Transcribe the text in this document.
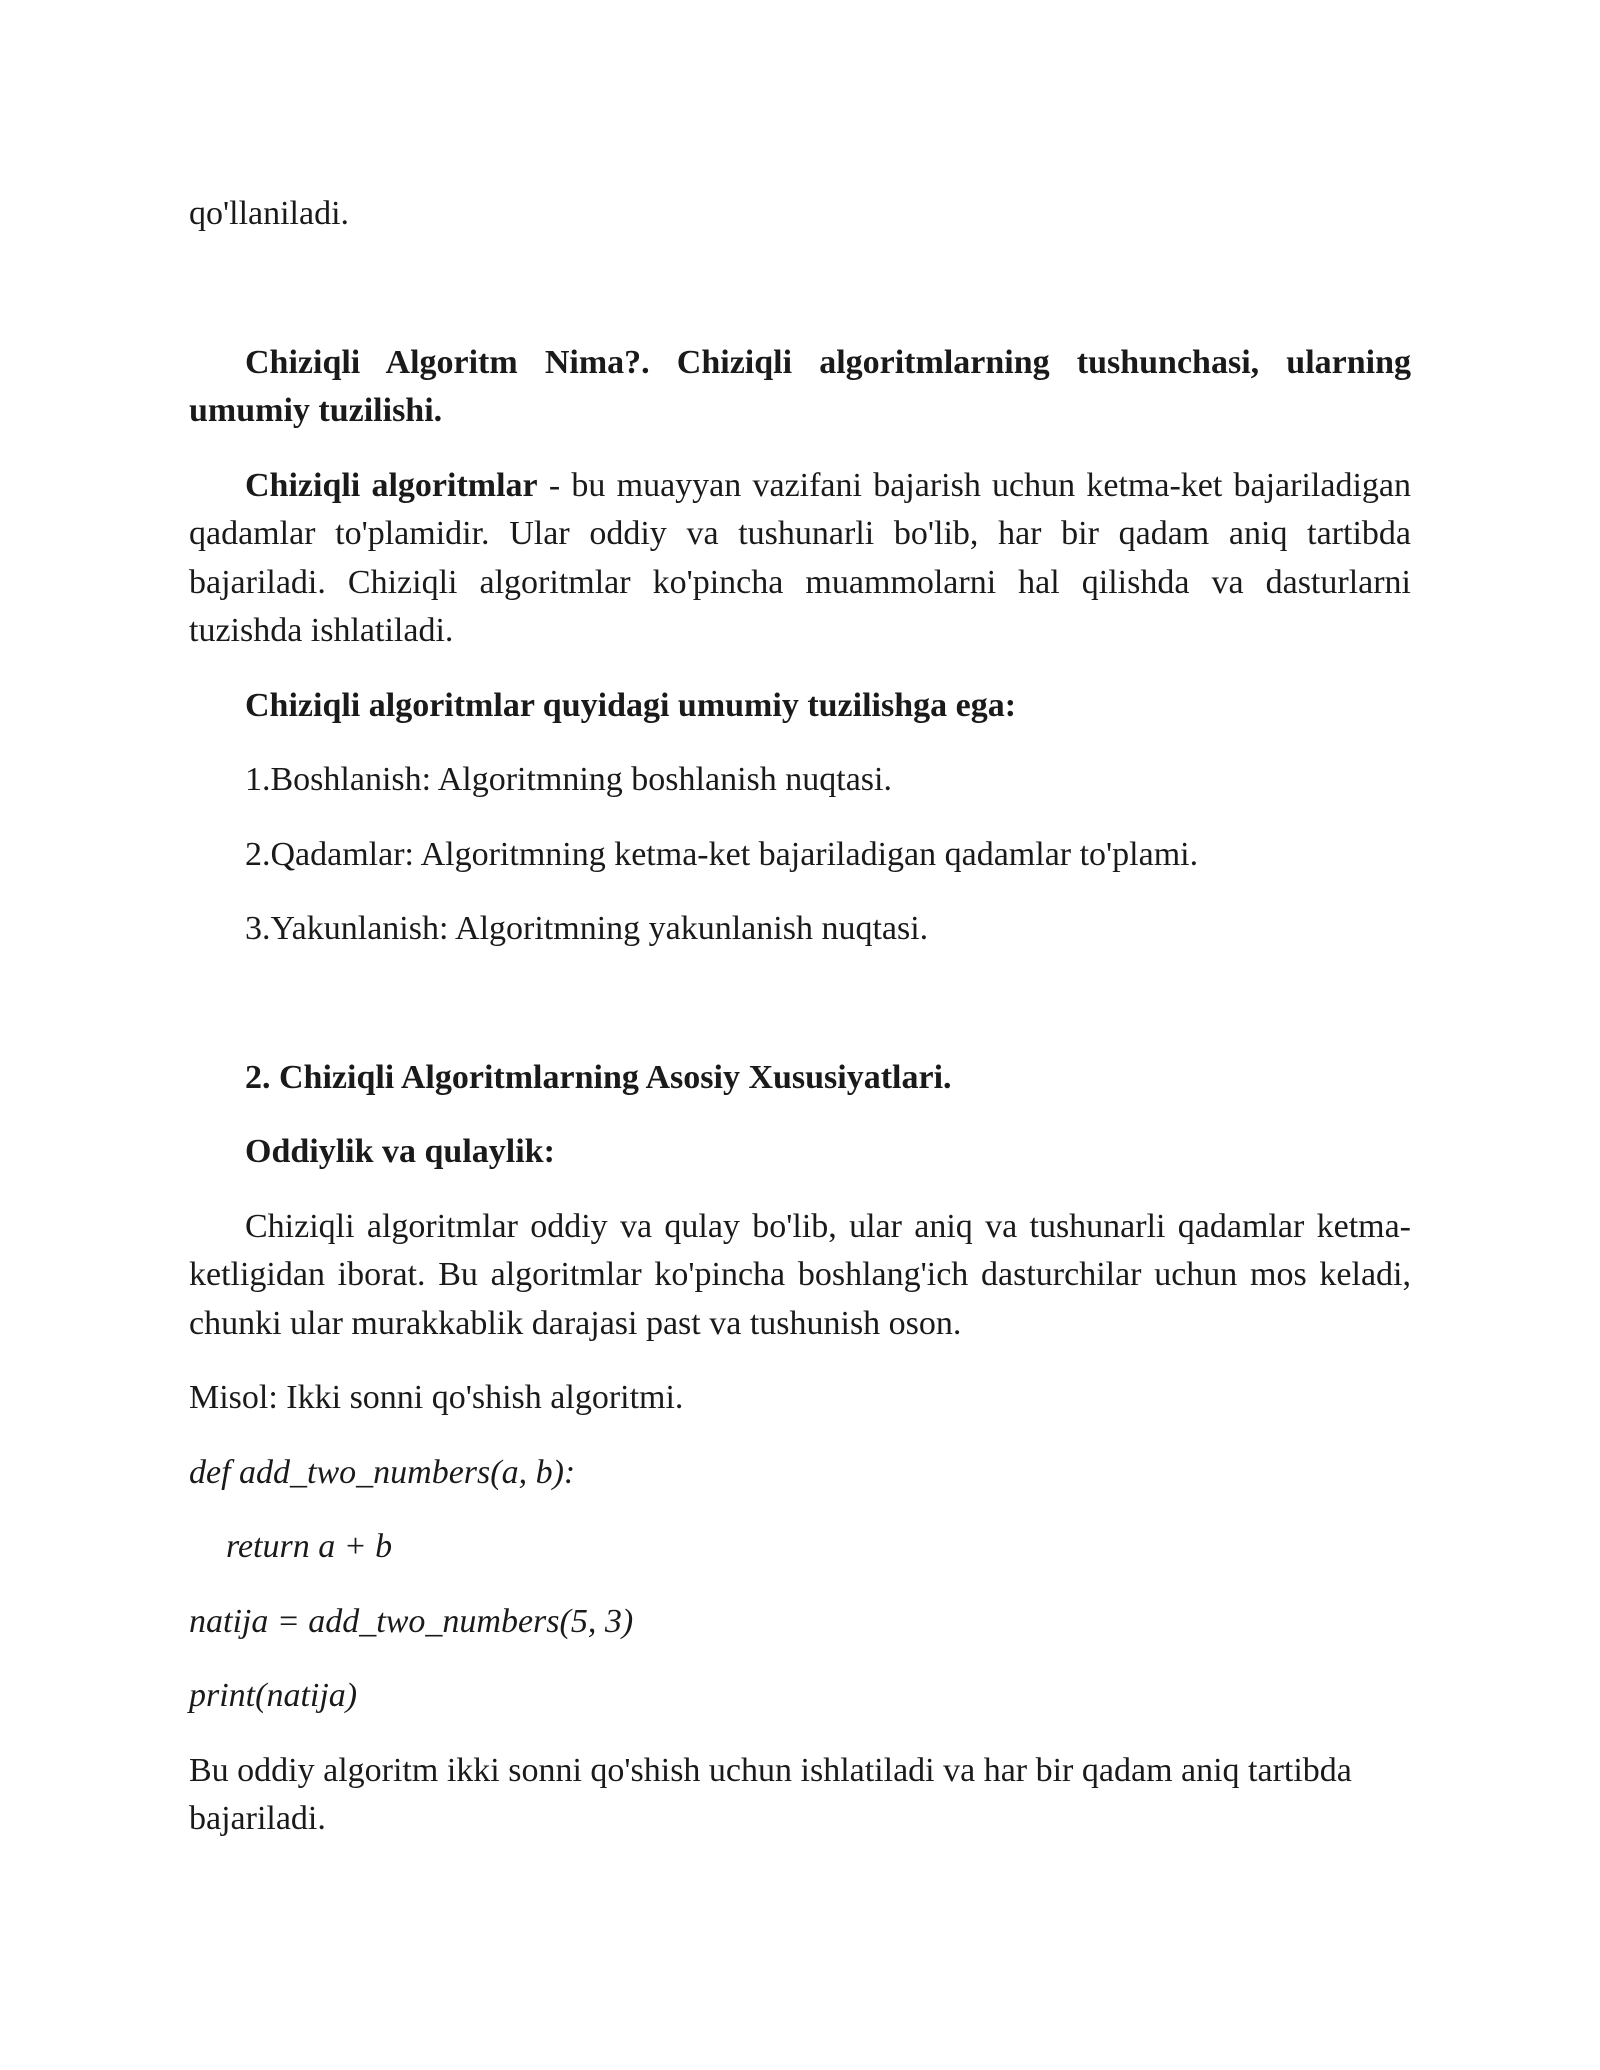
qo'llaniladi.

Chiziqli Algoritm Nima?. Chiziqli algoritmlarning tushunchasi, ularning umumiy tuzilishi.

Chiziqli algoritmlar - bu muayyan vazifani bajarish uchun ketma-ket bajariladigan qadamlar to'plamidir. Ular oddiy va tushunarli bo'lib, har bir qadam aniq tartibda bajariladi. Chiziqli algoritmlar ko'pincha muammolarni hal qilishda va dasturlarni tuzishda ishlatiladi.

Chiziqli algoritmlar quyidagi umumiy tuzilishga ega:

1.Boshlanish: Algoritmning boshlanish nuqtasi.

2.Qadamlar: Algoritmning ketma-ket bajariladigan qadamlar to'plami.

3.Yakunlanish: Algoritmning yakunlanish nuqtasi.

2. Chiziqli Algoritmlarning Asosiy Xususiyatlari.

Oddiylik va qulaylik:

Chiziqli algoritmlar oddiy va qulay bo'lib, ular aniq va tushunarli qadamlar ketma-ketligidan iborat. Bu algoritmlar ko'pincha boshlang'ich dasturchilar uchun mos keladi, chunki ular murakkablik darajasi past va tushunish oson.

Misol: Ikki sonni qo'shish algoritmi.

def add_two_numbers(a, b):

return a + b

natija = add_two_numbers(5, 3)

print(natija)

Bu oddiy algoritm ikki sonni qo'shish uchun ishlatiladi va har bir qadam aniq tartibda bajariladi.
